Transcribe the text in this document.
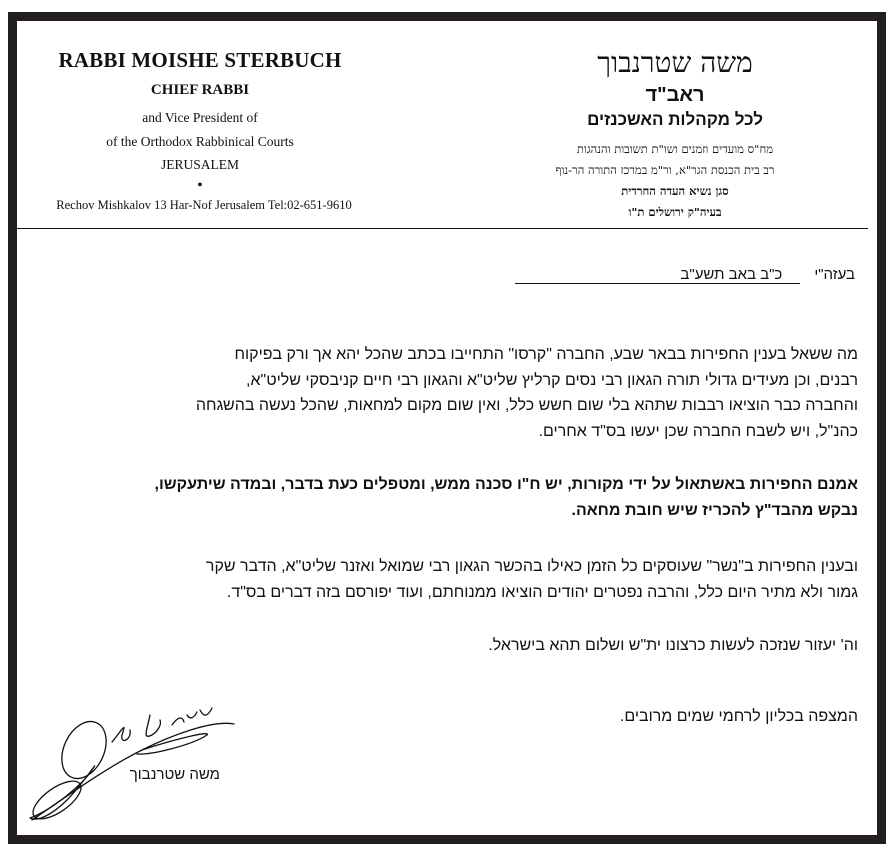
RABBI MOISHE STERBUCH
CHIEF RABBI
and Vice President of
of the Orthodox Rabbinical Courts
JERUSALEM
•
Rechov Mishkalov 13 Har-Nof Jerusalem Tel:02-651-9610
משה שטרנבוך
ראב"ד
לכל מקהלות האשכנזים
מח"ס מועדים וזמנים ושו"ת תשובות והנהגות
רב בית הכנסת הגר"א, ור"מ במרכז התורה הר-נוף
סגן נשיא העדה החרדית
בעיה"ק ירושלים ת"ו
בעזה"יכ"ב באב תשע"ב
מה ששאל בענין החפירות בבאר שבע, החברה "קרסו" התחייבו בכתב שהכל יהא אך ורק בפיקוח
רבנים, וכן מעידים גדולי תורה הגאון רבי נסים קרליץ שליט"א והגאון רבי חיים קניבסקי שליט"א,
והחברה כבר הוציאו רבבות שתהא בלי שום חשש כלל, ואין שום מקום למחאות, שהכל נעשה בהשגחה
כהנ"ל, ויש לשבח החברה שכן יעשו בס"ד אחרים.
אמנם החפירות באשתאול על ידי מקורות, יש ח"ו סכנה ממש, ומטפלים כעת בדבר, ובמדה שיתעקשו,
נבקש מהבד"ץ להכריז שיש חובת מחאה.
ובענין החפירות ב"נשר" שעוסקים כל הזמן כאילו בהכשר הגאון רבי שמואל ואזנר שליט"א, הדבר שקר
גמור ולא מתיר היום כלל, והרבה נפטרים יהודים הוציאו ממנוחתם, ועוד יפורסם בזה דברים בס"ד.
וה' יעזור שנזכה לעשות כרצונו ית"ש ושלום תהא בישראל.
המצפה בכליון לרחמי שמים מרובים.
משה שטרנבוך
